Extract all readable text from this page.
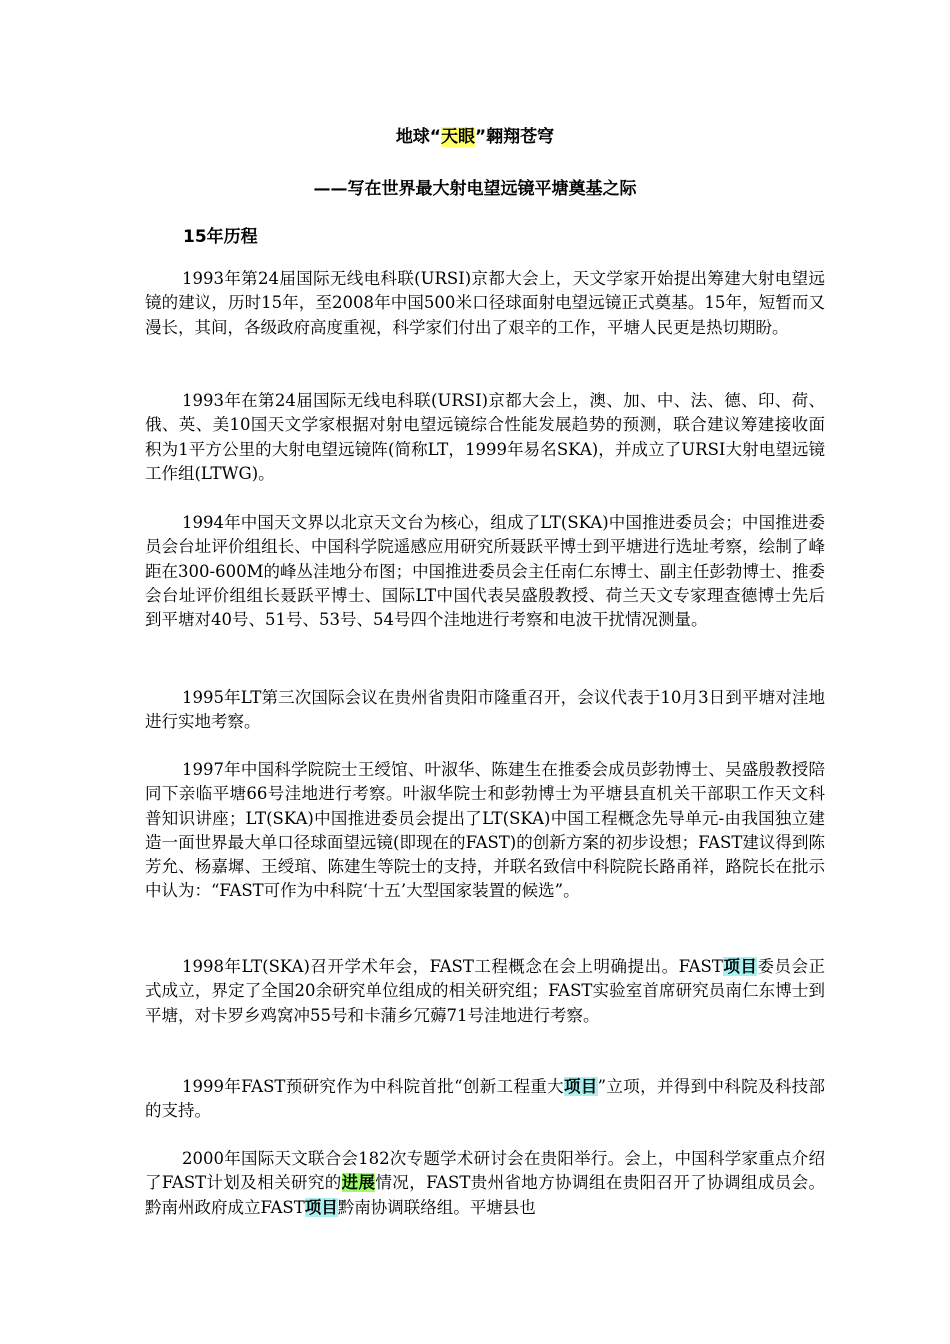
地球“天眼”翱翔苍穹
——写在世界最大射电望远镜平塘奠基之际
15年历程

1993年第24届国际无线电科联(URSI)京都大会上，天文学家开始提出筹建大射电望远镜的建议，历时15年，至2008年中国500米口径球面射电望远镜正式奠基。15年，短暂而又漫长，其间，各级政府高度重视，科学家们付出了艰辛的工作，平塘人民更是热切期盼。

1993年在第24届国际无线电科联(URSI)京都大会上，澳、加、中、法、德、印、荷、俄、英、美10国天文学家根据对射电望远镜综合性能发展趋势的预测，联合建议筹建接收面积为1平方公里的大射电望远镜阵(简称LT，1999年易名SKA)，并成立了URSI大射电望远镜工作组(LTWG)。

1994年中国天文界以北京天文台为核心，组成了LT(SKA)中国推进委员会；中国推进委员会台址评价组组长、中国科学院遥感应用研究所聂跃平博士到平塘进行选址考察，绘制了峰距在300-600M的峰丛洼地分布图；中国推进委员会主任南仁东博士、副主任彭勃博士、推委会台址评价组组长聂跃平博士、国际LT中国代表吴盛殷教授、荷兰天文专家理查德博士先后到平塘对40号、51号、53号、54号四个洼地进行考察和电波干扰情况测量。

1995年LT第三次国际会议在贵州省贵阳市隆重召开，会议代表于10月3日到平塘对洼地进行实地考察。

1997年中国科学院院士王绶馆、叶淑华、陈建生在推委会成员彭勃博士、吴盛殷教授陪同下亲临平塘66号洼地进行考察。叶淑华院士和彭勃博士为平塘县直机关干部职工作天文科普知识讲座；LT(SKA)中国推进委员会提出了LT(SKA)中国工程概念先导单元-由我国独立建造一面世界最大单口径球面望远镜(即现在的FAST)的创新方案的初步设想；FAST建议得到陈芳允、杨嘉墀、王绶琯、陈建生等院士的支持，并联名致信中科院院长路甬祥，路院长在批示中认为：“FAST可作为中科院‘十五’大型国家装置的候选”。

1998年LT(SKA)召开学术年会，FAST工程概念在会上明确提出。FAST项目委员会正式成立，界定了全国20余研究单位组成的相关研究组；FAST实验室首席研究员南仁东博士到平塘，对卡罗乡鸡窝冲55号和卡蒲乡冗薅71号洼地进行考察。

1999年FAST预研究作为中科院首批“创新工程重大项目”立项，并得到中科院及科技部的支持。

2000年国际天文联合会182次专题学术研讨会在贵阳举行。会上，中国科学家重点介绍了FAST计划及相关研究的进展情况，FAST贵州省地方协调组在贵阳召开了协调组成员会。黔南州政府成立FAST项目黔南协调联络组。平塘县也
